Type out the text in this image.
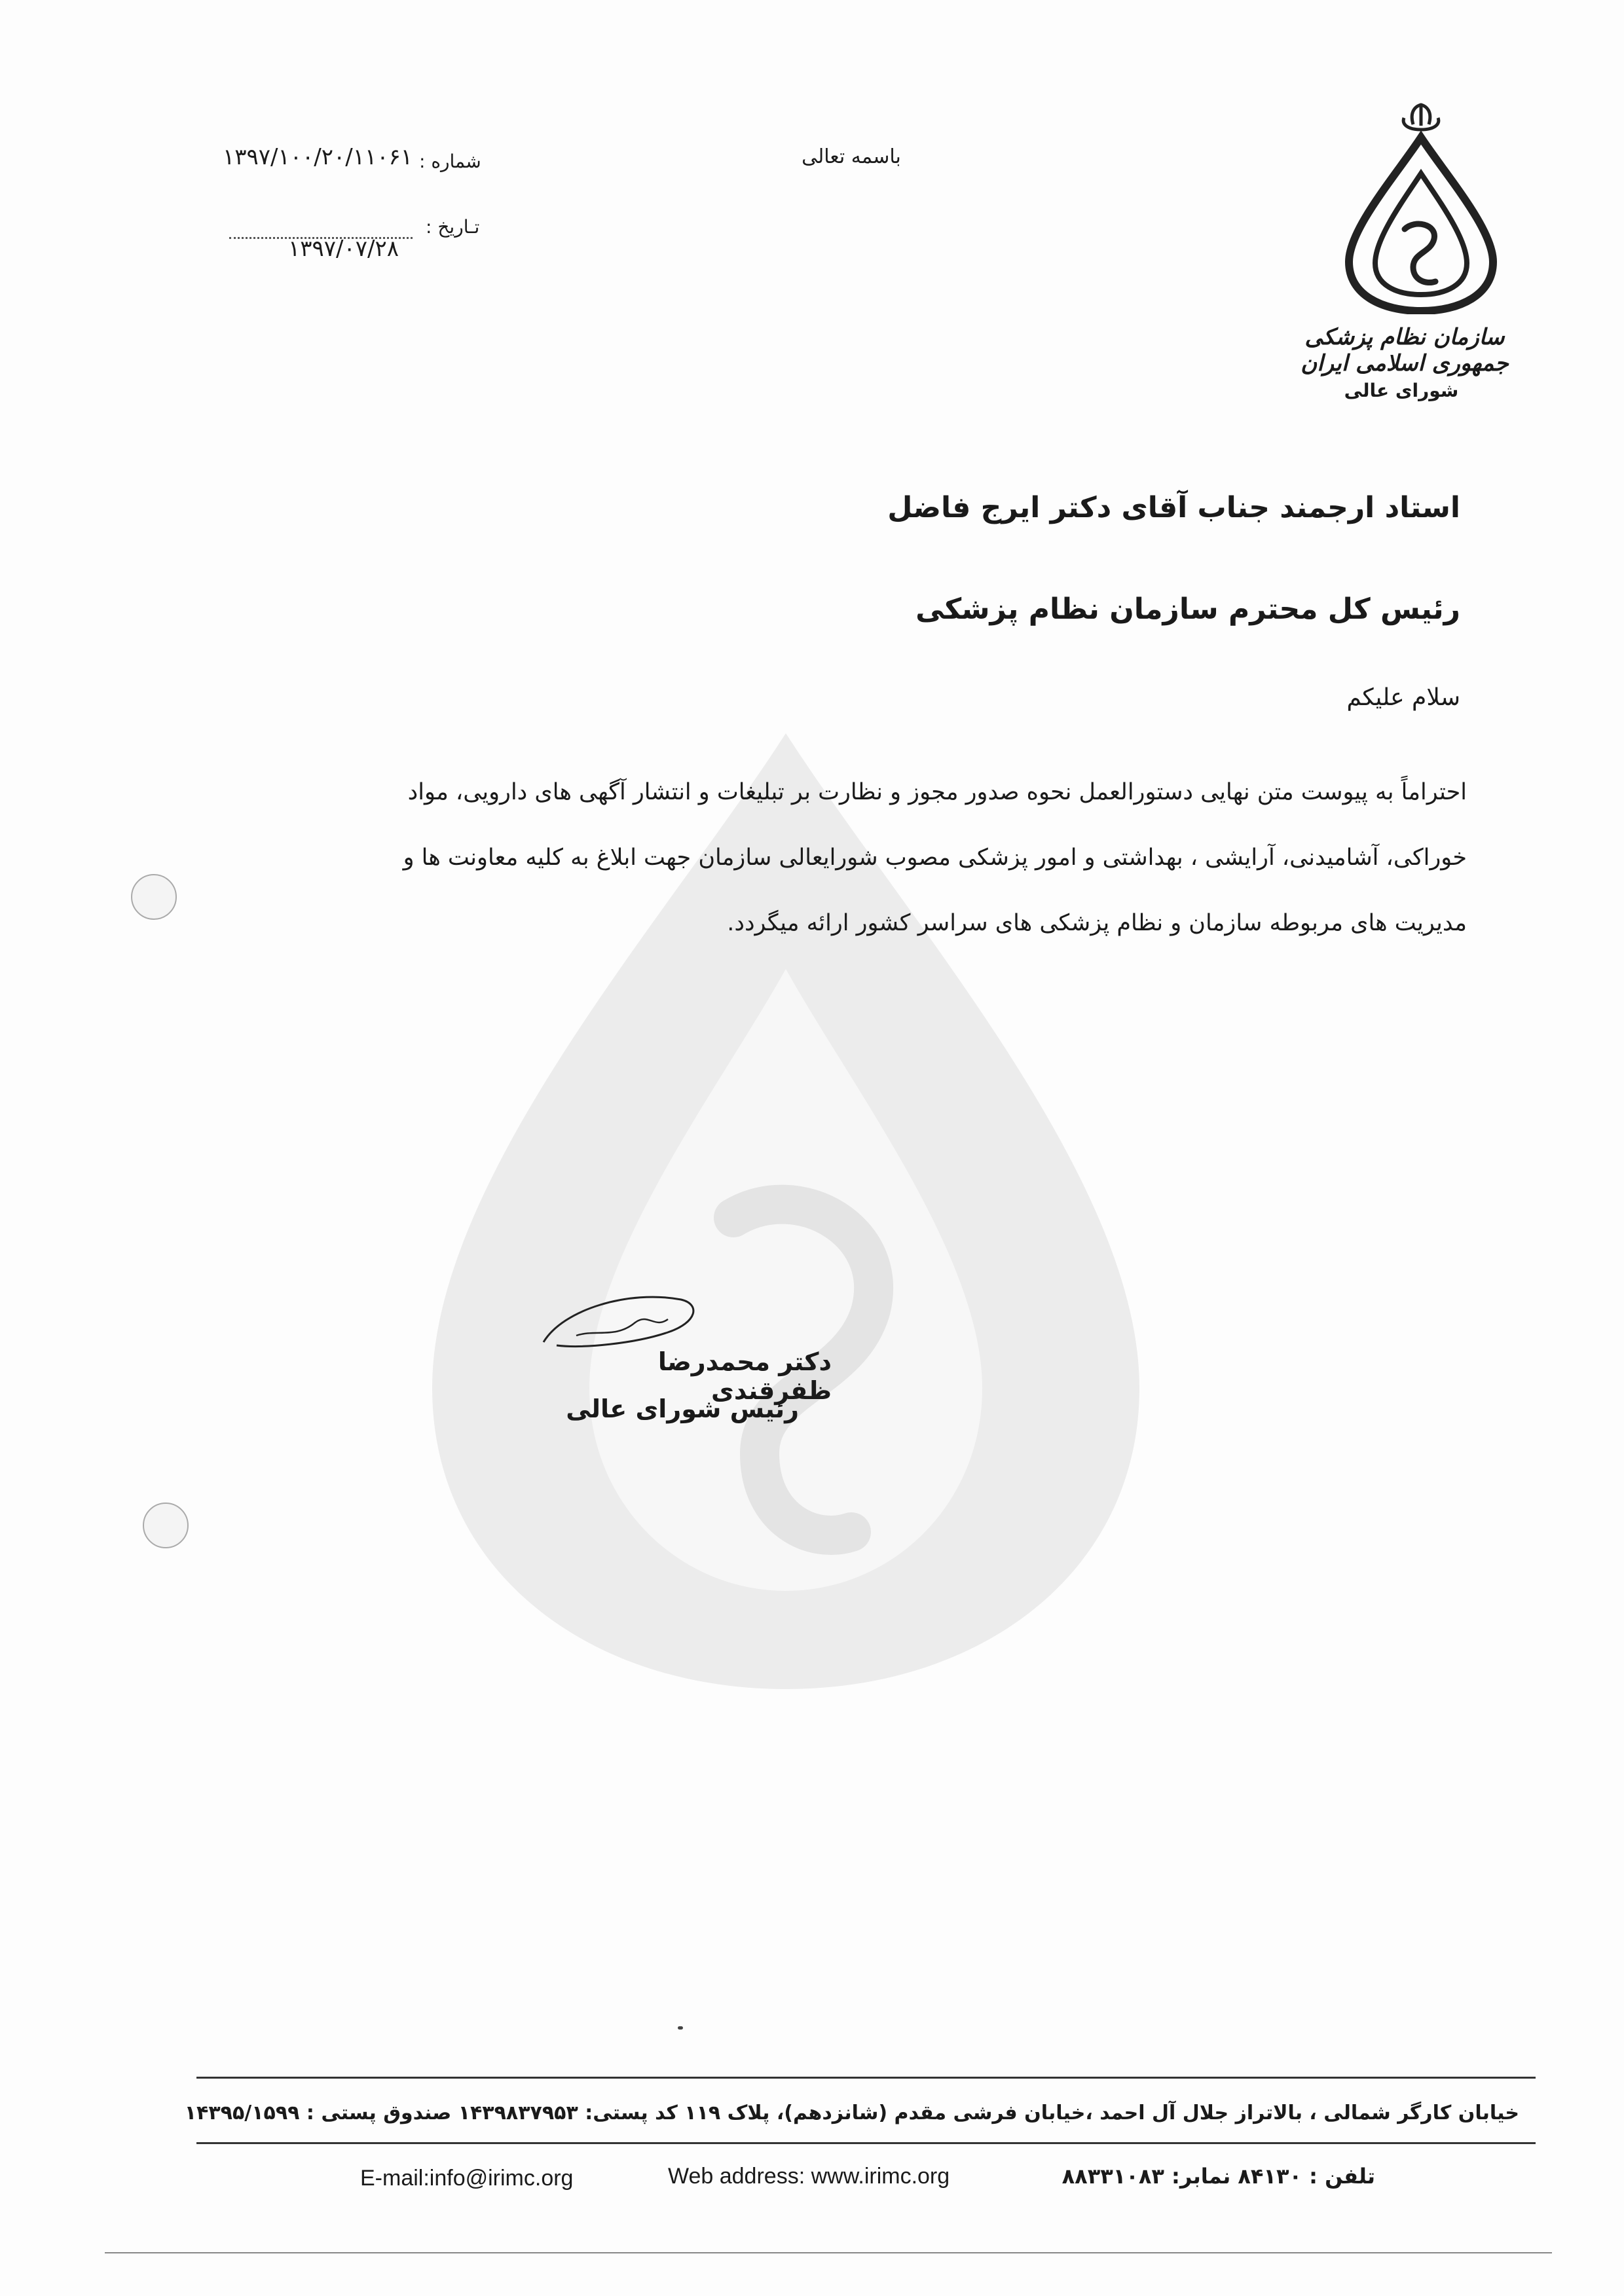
باسمه تعالی
شماره :
۱۳۹۷/۱۰۰/۲۰/۱۱۰۶۱
تـاریخ :
۱۳۹۷/۰۷/۲۸
سازمان نظام پزشکی جمهوری اسلامی ایران
شورای عالی
استاد ارجمند جناب آقای دکتر ایرج فاضل
رئیس کل محترم سازمان نظام پزشکی
سلام علیکم
احتراماً به پیوست متن نهایی دستورالعمل نحوه صدور مجوز و نظارت بر تبلیغات و انتشار آگهی های دارویی، مواد
خوراکی، آشامیدنی، آرایشی ، بهداشتی و امور پزشکی مصوب شورایعالی سازمان جهت ابلاغ به کلیه معاونت ها و
مدیریت های مربوطه سازمان و نظام پزشکی های سراسر کشور ارائه میگردد.
دکتر محمدرضا ظفرقندی
رئیس شورای عالی
خیابان کارگر شمالی ، بالاتراز جلال آل احمد ،خیابان فرشی مقدم (شانزدهم)، پلاک ۱۱۹ کد پستی: ۱۴۳۹۸۳۷۹۵۳ صندوق پستی : ۱۴۳۹۵/۱۵۹۹
تلفن : ۸۴۱۳۰ نمابر: ۸۸۳۳۱۰۸۳
Web address: www.irimc.org
E-mail:info@irimc.org
